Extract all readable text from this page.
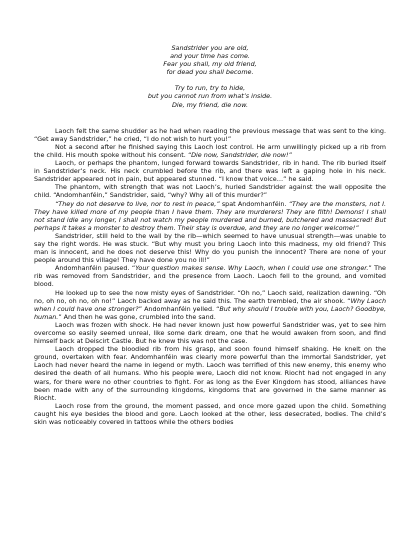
Sandstrider you are old,
and your time has come.
Fear you shall, my old friend,
for dead you shall become.
Try to run, try to hide,
but you cannot run from what’s inside.
Die, my friend, die now.

Laoch felt the same shudder as he had when reading the previous message that was sent to the king. “Get away Sandstrider,” he cried, “I do not wish to hurt you!”

Not a second after he finished saying this Laoch lost control. He arm unwillingly picked up a rib from the child. His mouth spoke without his consent. “Die now, Sandstrider, die now!”

Laoch, or perhaps the phantom, lunged forward towards Sandstrider, rib in hand. The rib buried itself in Sandstrider’s neck. His neck crumbled before the rib, and there was left a gaping hole in his neck. Sandstrider appeared not in pain, but appeared stunned. “I know that voice…” he said.

The phantom, with strength that was not Laoch’s, hurled Sandstrider against the wall opposite the child. “Andomhanféin,” Sandstrider, said, “why? Why all of this murder?”

“They do not deserve to live, nor to rest in peace,” spat Andomhanféin. “They are the monsters, not I. They have killed more of my people than I have them. They are murderers! They are filth! Demons! I shall not stand idle any longer, I shall not watch my people murdered and burned, butchered and massacred! But perhaps it takes a monster to destroy them. Their stay is overdue, and they are no longer welcome!”

Sandstrider, still held to the wall by the rib—which seemed to have unusual strength—was unable to say the right words. He was stuck. “But why must you bring Laoch into this madness, my old friend? This man is innocent, and he does not deserve this! Why do you punish the innocent? There are none of your people around this village! They have done you no ill!”

Andomhanféin paused. “Your question makes sense. Why Laoch, when I could use one stronger.” The rib was removed from Sandstrider, and the presence from Laoch. Laoch fell to the ground, and vomited blood.

He looked up to see the now misty eyes of Sandstrider. “Oh no,” Laoch said, realization dawning. “Oh no, oh no, oh no, oh no!” Laoch backed away as he said this. The earth trembled, the air shook. “Why Laoch when I could have one stronger?” Andomhanféin yelled. “But why should I trouble with you, Laoch? Goodbye, human.” And then he was gone, crumbled into the sand.

Laoch was frozen with shock. He had never known just how powerful Sandstrider was, yet to see him overcome so easily seemed unreal, like some dark dream, one that he would awaken from soon, and find himself back at Deiscirt Castle. But he knew this was not the case.

Laoch dropped the bloodied rib from his grasp, and soon found himself shaking. He knelt on the ground, overtaken with fear. Andomhanféin was clearly more powerful than the immortal Sandstrider, yet Laoch had never heard the name in legend or myth. Laoch was terrified of this new enemy, this enemy who desired the death of all humans. Who his people were, Laoch did not know. Riocht had not engaged in any wars, for there were no other countries to fight. For as long as the Ever Kingdom has stood, alliances have been made with any of the surrounding kingdoms, kingdoms that are governed in the same manner as Riocht.

Laoch rose from the ground, the moment passed, and once more gazed upon the child. Something caught his eye besides the blood and gore. Laoch looked at the other, less desecrated, bodies. The child’s skin was noticeably covered in tattoos while the others bodies
